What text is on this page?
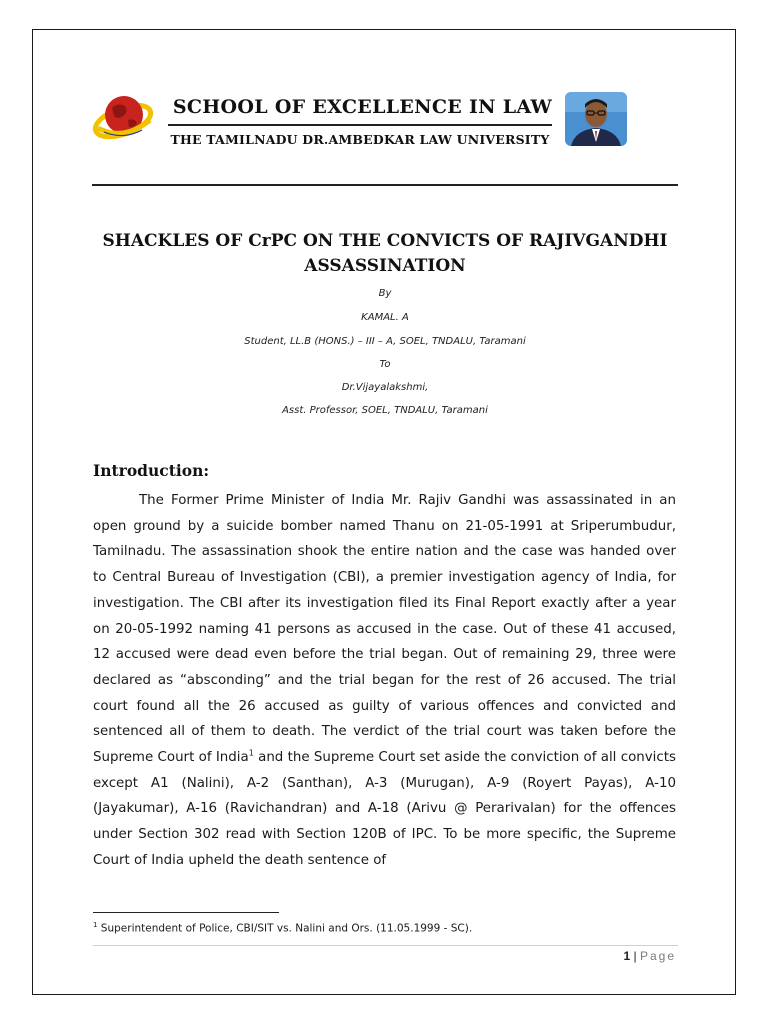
SCHOOL OF EXCELLENCE IN LAW
THE TAMILNADU DR.AMBEDKAR LAW UNIVERSITY
SHACKLES OF CrPC ON THE CONVICTS OF RAJIVGANDHI ASSASSINATION
By
KAMAL. A
Student, LL.B (HONS.) – III – A, SOEL, TNDALU, Taramani
To
Dr.Vijayalakshmi,
Asst. Professor, SOEL, TNDALU, Taramani
Introduction:

The Former Prime Minister of India Mr. Rajiv Gandhi was assassinated in an open ground by a suicide bomber named Thanu on 21-05-1991 at Sriperumbudur, Tamilnadu. The assassination shook the entire nation and the case was handed over to Central Bureau of Investigation (CBI), a premier investigation agency of India, for investigation. The CBI after its investigation filed its Final Report exactly after a year on 20-05-1992 naming 41 persons as accused in the case. Out of these 41 accused, 12 accused were dead even before the trial began. Out of remaining 29, three were declared as “absconding” and the trial began for the rest of 26 accused. The trial court found all the 26 accused as guilty of various offences and convicted and sentenced all of them to death. The verdict of the trial court was taken before the Supreme Court of India$^1$ and the Supreme Court set aside the conviction of all convicts except A1 (Nalini), A-2 (Santhan), A-3 (Murugan), A-9 (Royert Payas), A-10 (Jayakumar), A-16 (Ravichandran) and A-18 (Arivu @ Perarivalan) for the offences under Section 302 read with Section 120B of IPC. To be more specific, the Supreme Court of India upheld the death sentence of

$^1$ Superintendent of Police, CBI/SIT vs. Nalini and Ors. (11.05.1999 - SC).
1 | Page
